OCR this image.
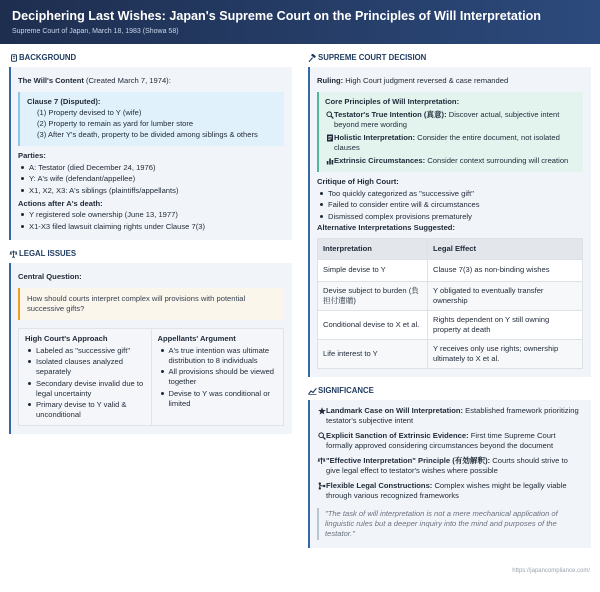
Deciphering Last Wishes: Japan's Supreme Court on the Principles of Will Interpretation
Supreme Court of Japan, March 18, 1983 (Showa 58)
BACKGROUND
The Will's Content (Created March 7, 1974):
Clause 7 (Disputed):
(1) Property devised to Y (wife)
(2) Property to remain as yard for lumber store
(3) After Y's death, property to be divided among siblings & others
Parties:
A: Testator (died December 24, 1976)
Y: A's wife (defendant/appellee)
X1, X2, X3: A's siblings (plaintiffs/appellants)
Actions after A's death:
Y registered sole ownership (June 13, 1977)
X1-X3 filed lawsuit claiming rights under Clause 7(3)
LEGAL ISSUES
Central Question:
How should courts interpret complex will provisions with potential successive gifts?
High Court's Approach
Labeled as "successive gift"
Isolated clauses analyzed separately
Secondary devise invalid due to legal uncertainty
Primary devise to Y valid & unconditional
Appellants' Argument
A's true intention was ultimate distribution to 8 individuals
All provisions should be viewed together
Devise to Y was conditional or limited
SUPREME COURT DECISION
Ruling: High Court judgment reversed & case remanded
Core Principles of Will Interpretation:
Testator's True Intention (真意): Discover actual, subjective intent beyond mere wording
Holistic Interpretation: Consider the entire document, not isolated clauses
Extrinsic Circumstances: Consider context surrounding will creation
Critique of High Court:
Too quickly categorized as "successive gift"
Failed to consider entire will & circumstances
Dismissed complex provisions prematurely
Alternative Interpretations Suggested:
Interpretation	Legal Effect
Simple devise to Y	Clause 7(3) as non-binding wishes
Devise subject to burden (負担付遺贈)	Y obligated to eventually transfer ownership
Conditional devise to X et al.	Rights dependent on Y still owning property at death
Life interest to Y	Y receives only use rights; ownership ultimately to X et al.
SIGNIFICANCE
Landmark Case on Will Interpretation: Established framework prioritizing testator's subjective intent
Explicit Sanction of Extrinsic Evidence: First time Supreme Court formally approved considering circumstances beyond the document
"Effective Interpretation" Principle (有効解釈): Courts should strive to give legal effect to testator's wishes where possible
Flexible Legal Constructions: Complex wishes might be legally viable through various recognized frameworks
"The task of will interpretation is not a mere mechanical application of linguistic rules but a deeper inquiry into the mind and purposes of the testator."
https://japancompliance.com/
